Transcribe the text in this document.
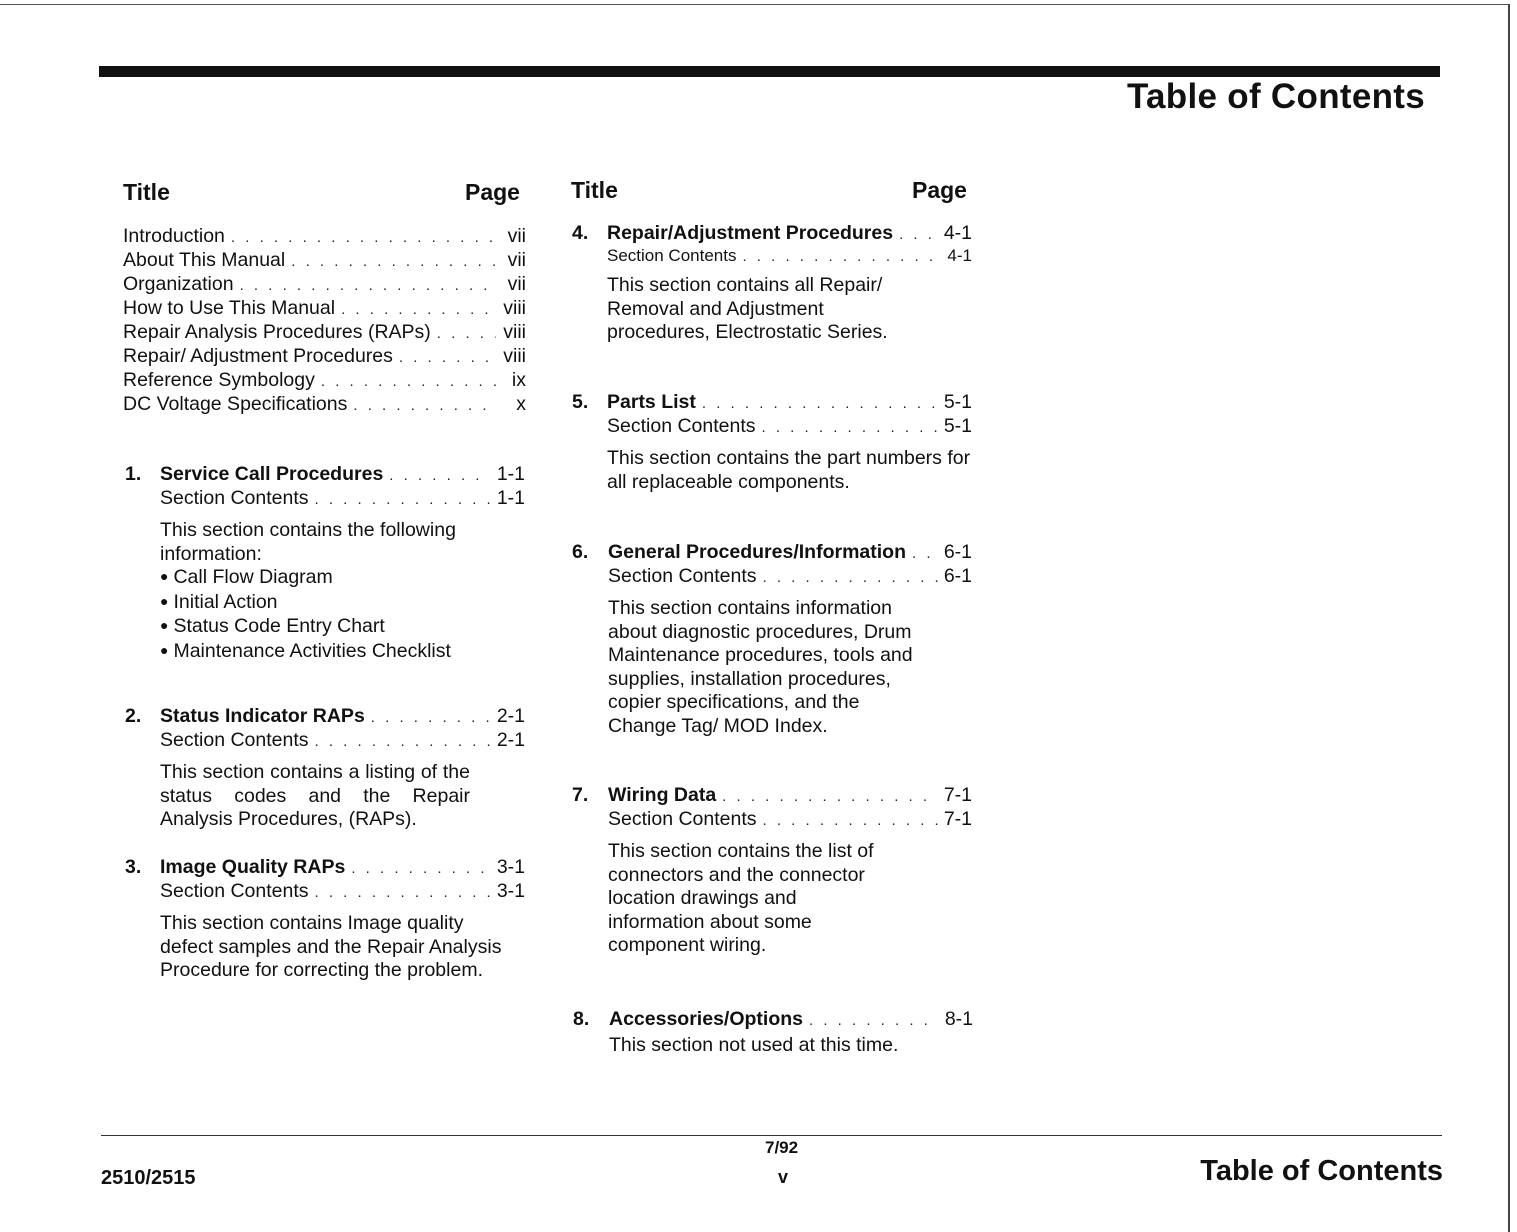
Table of Contents
Title	Page Title	Page
Introduction . . .	vii
About This Manual . . .	vii
Organization . . .	vii
How to Use This Manual . . .	viii
Repair Analysis Procedures (RAPs) . . .	viii
Repair/ Adjustment Procedures . . .	viii
Reference Symbology . . .	ix
DC Voltage Specifications . . .	x
1. Service Call Procedures . . .	1-1
Section Contents . . .	1-1
This section contains the following information:
● Call Flow Diagram
● Initial Action
● Status Code Entry Chart
● Maintenance Activities Checklist
2. Status Indicator RAPs . . .	2-1
Section Contents . . .	2-1
This section contains a listing of the status codes and the Repair Analysis Procedures, (RAPs).
3. Image Quality RAPs . . .	3-1
Section Contents . . .	3-1
This section contains Image quality defect samples and the Repair Analysis Procedure for correcting the problem.
4. Repair/Adjustment Procedures . . .	4-1
Section Contents . . .	4-1
This section contains all Repair/ Removal and Adjustment procedures, Electrostatic Series.
5. Parts List . . .	5-1
Section Contents . . .	5-1
This section contains the part numbers for all replaceable components.
6. General Procedures/Information . . . 6-1
Section Contents . . .	6-1
This section contains information about diagnostic procedures, Drum Maintenance procedures, tools and supplies, installation procedures, copier specifications, and the Change Tag/ MOD Index.
7. Wiring Data . . .	7-1
Section Contents . . .	7-1
This section contains the list of connectors and the connector location drawings and information about some component wiring.
8. Accessories/Options . . .	8-1
This section not used at this time.
2510/2515
7/92
v	Table of Contents
